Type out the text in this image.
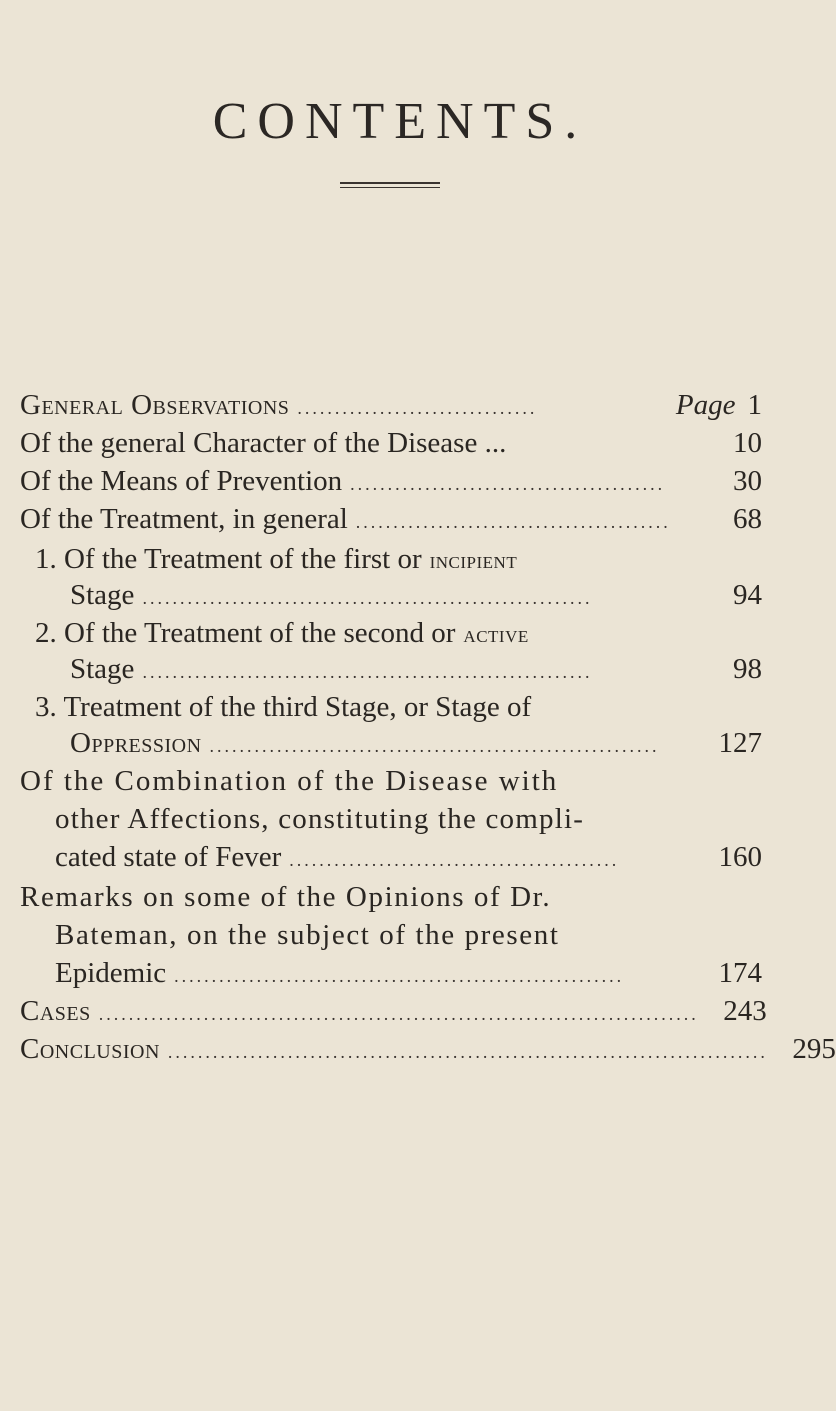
CONTENTS.
General Observations ................................	Page 1
Of the general Character of the Disease ...	10
Of the Means of Prevention ..........................................	30
Of the Treatment, in general ..........................................	68
1. Of the Treatment of the first or incipient
Stage ............................................................	94
2. Of the Treatment of the second or active
Stage ............................................................	98
3. Treatment of the third Stage, or Stage of
Oppression ............................................................	127
Of the Combination of the Disease with
other Affections, constituting the compli-
cated state of Fever ............................................	160
Remarks on some of the Opinions of Dr.
Bateman, on the subject of the present
Epidemic ............................................................	174
Cases ................................................................................ 243
Conclusion ................................................................................ 295
